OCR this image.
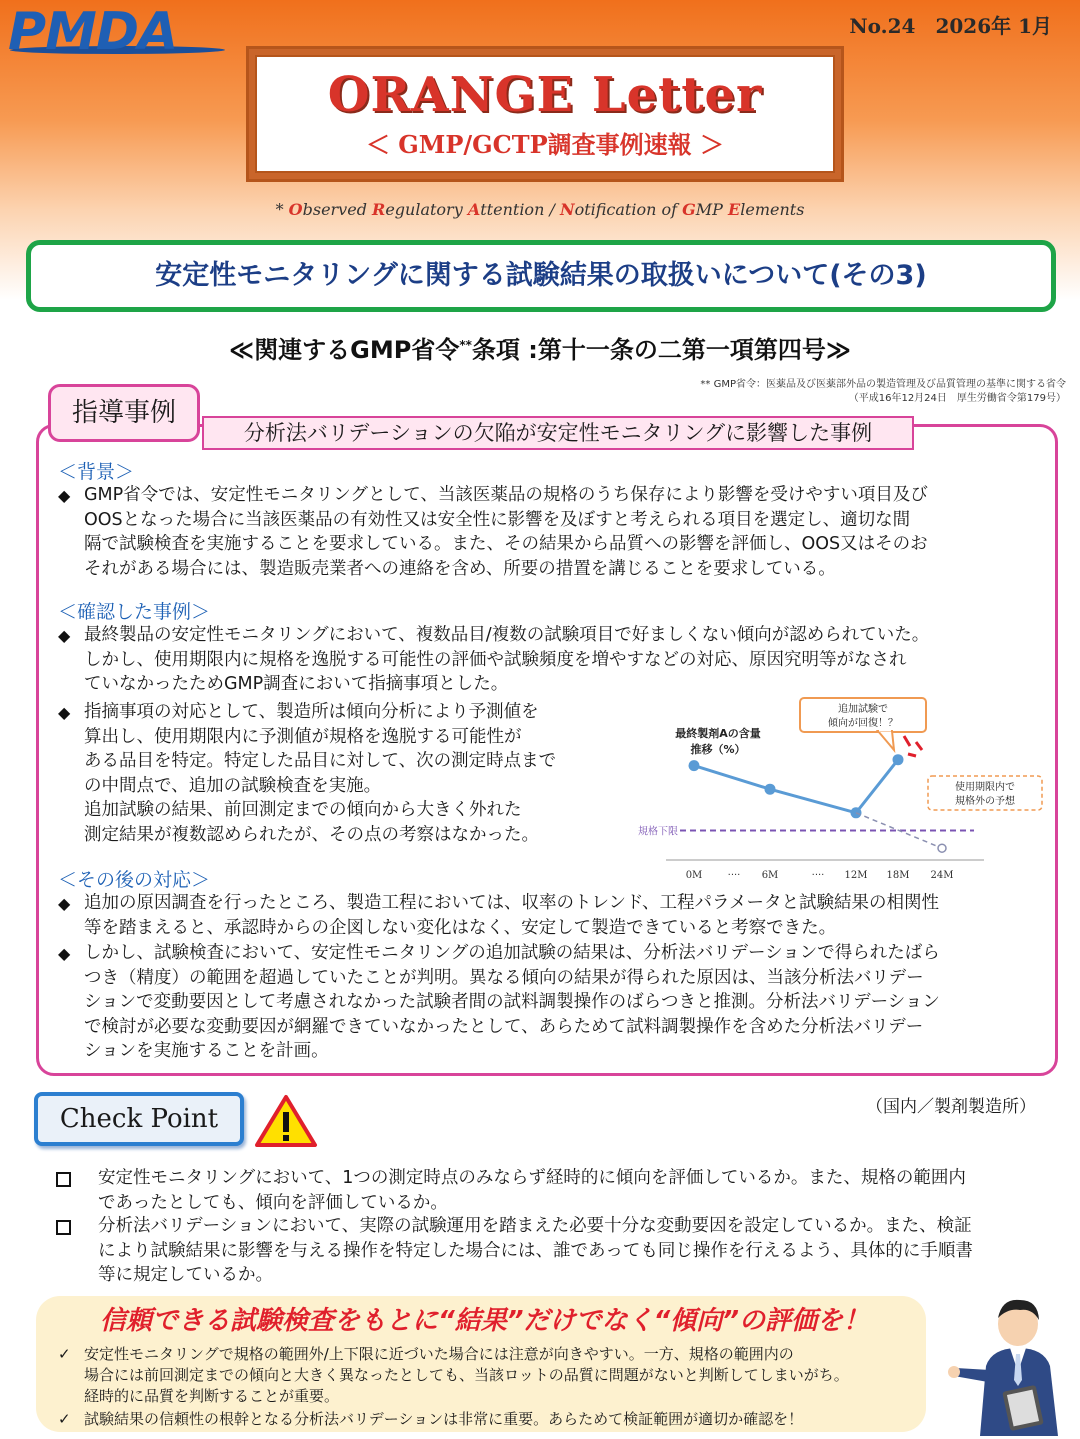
PMDA	No.24　2026年 1月
ORANGE Letter
＜ GMP/GCTP調査事例速報 ＞
* Observed Regulatory Attention / Notification of GMP Elements
安定性モニタリングに関する試験結果の取扱いについて(その3)
≪関連するGMP省令**条項 :第十一条の二第一項第四号≫
** GMP省令：医薬品及び医薬部外品の製造管理及び品質管理の基準に関する省令
（平成16年12月24日　厚生労働省令第179号）
指導事例
分析法バリデーションの欠陥が安定性モニタリングに影響した事例
＜背景＞
◆ GMP省令では、安定性モニタリングとして、当該医薬品の規格のうち保存により影響を受けやすい項目及び
OOSとなった場合に当該医薬品の有効性又は安全性に影響を及ぼすと考えられる項目を選定し、適切な間
隔で試験検査を実施することを要求している。また、その結果から品質への影響を評価し、OOS又はそのお
それがある場合には、製造販売業者への連絡を含め、所要の措置を講じることを要求している。
＜確認した事例＞
◆ 最終製品の安定性モニタリングにおいて、複数品目/複数の試験項目で好ましくない傾向が認められていた。
しかし、使用期限内に規格を逸脱する可能性の評価や試験頻度を増やすなどの対応、原因究明等がなされ
ていなかったためGMP調査において指摘事項とした。
◆ 指摘事項の対応として、製造所は傾向分析により予測値を
算出し、使用期限内に予測値が規格を逸脱する可能性が
ある品目を特定。特定した品目に対して、次の測定時点まで
の中間点で、追加の試験検査を実施。
追加試験の結果、前回測定までの傾向から大きく外れた
測定結果が複数認められたが、その点の考察はなかった。
最終製剤Aの含量
推移（%）
規格下限
0M	6M	12M 18M 24M
····	····
追加試験で
傾向が回復！？
使用期限内で
規格外の予想
＜その後の対応＞
◆ 追加の原因調査を行ったところ、製造工程においては、収率のトレンド、工程パラメータと試験結果の相関性
等を踏まえると、承認時からの企図しない変化はなく、安定して製造できていると考察できた。
◆ しかし、試験検査において、安定性モニタリングの追加試験の結果は、分析法バリデーションで得られたばら
つき（精度）の範囲を超過していたことが判明。異なる傾向の結果が得られた原因は、当該分析法バリデー
ションで変動要因として考慮されなかった試験者間の試料調製操作のばらつきと推測。分析法バリデーション
で検討が必要な変動要因が網羅できていなかったとして、あらためて試料調製操作を含めた分析法バリデー
ションを実施することを計画。
Check Point	（国内／製剤製造所）
安定性モニタリングにおいて、1つの測定時点のみならず経時的に傾向を評価しているか。また、規格の範囲内
であったとしても、傾向を評価しているか。
分析法バリデーションにおいて、実際の試験運用を踏まえた必要十分な変動要因を設定しているか。また、検証
により試験結果に影響を与える操作を特定した場合には、誰であっても同じ操作を行えるよう、具体的に手順書
等に規定しているか。
信頼できる試験検査をもとに“結果”だけでなく“傾向”の評価を！
✓ 安定性モニタリングで規格の範囲外/上下限に近づいた場合には注意が向きやすい。一方、規格の範囲内の
場合には前回測定までの傾向と大きく異なったとしても、当該ロットの品質に問題がないと判断してしまいがち。
経時的に品質を判断することが重要。
✓ 試験結果の信頼性の根幹となる分析法バリデーションは非常に重要。あらためて検証範囲が適切か確認を！
